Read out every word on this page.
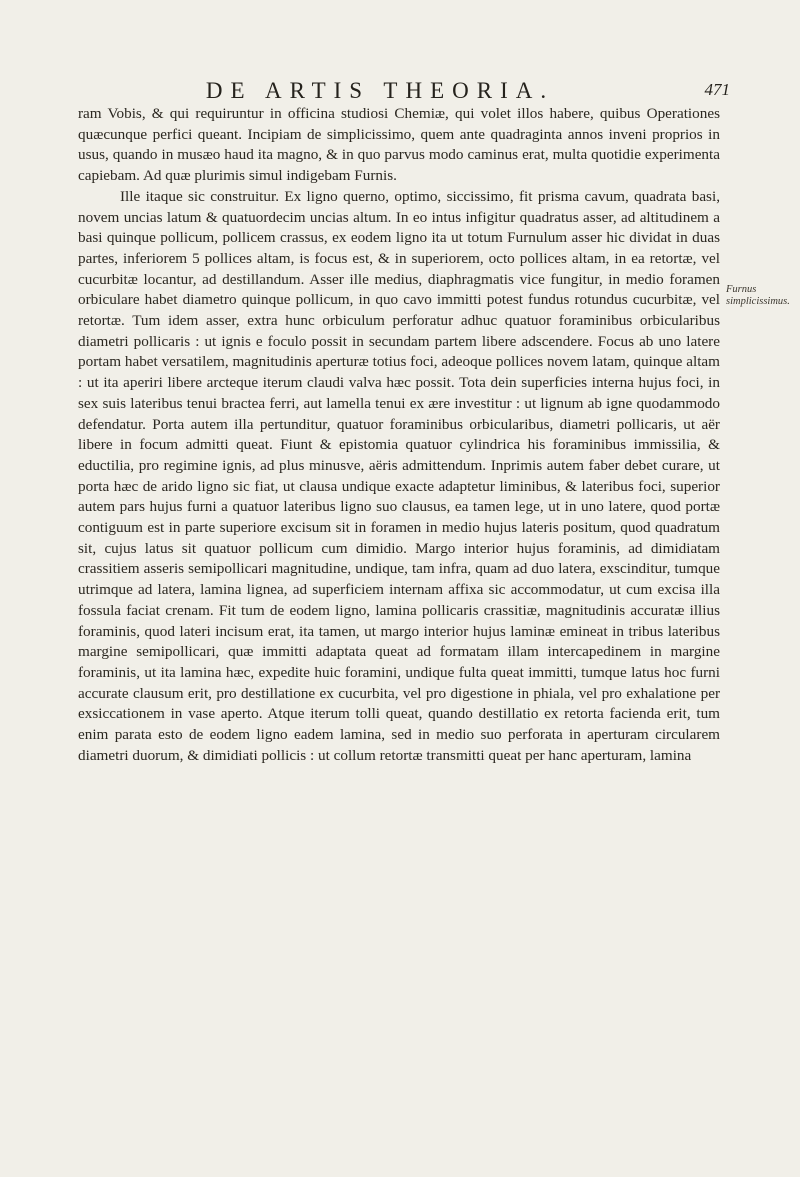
DE ARTIS THEORIA.	471

ram Vobis, & qui requiruntur in officina studiosi Chemiæ, qui volet illos habere, quibus Operationes quæcunque perfici queant. Incipiam de simplicissimo, quem ante quadraginta annos inveni proprios in usus, quando in musæo haud ita magno, & in quo parvus modo caminus erat, multa quotidie experimenta capiebam. Ad quæ plurimis simul indigebam Furnis.

Ille itaque sic construitur. Ex ligno querno, optimo, siccissimo, fit prisma cavum, quadrata basi, novem uncias latum & quatuordecim uncias altum. In eo intus infigitur quadratus asser, ad altitudinem a basi quinque pollicum, pollicem crassus, ex eodem ligno ita ut totum Furnulum asser hic dividat in duas partes, inferiorem 5 pollices altam, is focus est, & in superiorem, octo pollices altam, in ea retortæ, vel cucurbitæ locantur, ad destillandum. Asser ille medius, diaphragmatis vice fungitur, in medio foramen orbiculare habet diametro quinque pollicum, in quo cavo immitti potest fundus rotundus cucurbitæ, vel retortæ. Tum idem asser, extra hunc orbiculum perforatur adhuc quatuor foraminibus orbicularibus diametri pollicaris : ut ignis e foculo possit in secundam partem libere adscendere. Focus ab uno latere portam habet versatilem, magnitudinis aperturæ totius foci, adeoque pollices novem latam, quinque altam : ut ita aperiri libere arcteque iterum claudi valva hæc possit. Tota dein superficies interna hujus foci, in sex suis lateribus tenui bractea ferri, aut lamella tenui ex ære investitur : ut lignum ab igne quodammodo defendatur. Porta autem illa pertunditur, quatuor foraminibus orbicularibus, diametri pollicaris, ut aër libere in focum admitti queat. Fiunt & epistomia quatuor cylindrica his foraminibus immissilia, & eductilia, pro regimine ignis, ad plus minusve, aëris admittendum. Inprimis autem faber debet curare, ut porta hæc de arido ligno sic fiat, ut clausa undique exacte adaptetur liminibus, & lateribus foci, superior autem pars hujus furni a quatuor lateribus ligno suo clausus, ea tamen lege, ut in uno latere, quod portæ contiguum est in parte superiore excisum sit in foramen in medio hujus lateris positum, quod quadratum sit, cujus latus sit quatuor pollicum cum dimidio. Margo interior hujus foraminis, ad dimidiatam crassitiem asseris semipollicari magnitudine, undique, tam infra, quam ad duo latera, exscinditur, tumque utrimque ad latera, lamina lignea, ad superficiem internam affixa sic accommodatur, ut cum excisa illa fossula faciat crenam. Fit tum de eodem ligno, lamina pollicaris crassitiæ, magnitudinis accuratæ illius foraminis, quod lateri incisum erat, ita tamen, ut margo interior hujus laminæ emineat in tribus lateribus margine semipollicari, quæ immitti adaptata queat ad formatam illam intercapedinem in margine foraminis, ut ita lamina hæc, expedite huic foramini, undique fulta queat immitti, tumque latus hoc furni accurate clausum erit, pro destillatione ex cucurbita, vel pro digestione in phiala, vel pro exhalatione per exsiccationem in vase aperto. Atque iterum tolli queat, quando destillatio ex retorta facienda erit, tum enim parata esto de eodem ligno eadem lamina, sed in medio suo perforata in aperturam circularem diametri duorum, & dimidiati pollicis : ut collum retortæ transmitti queat per hanc aperturam, lamina

Furnus simplicissimus.
